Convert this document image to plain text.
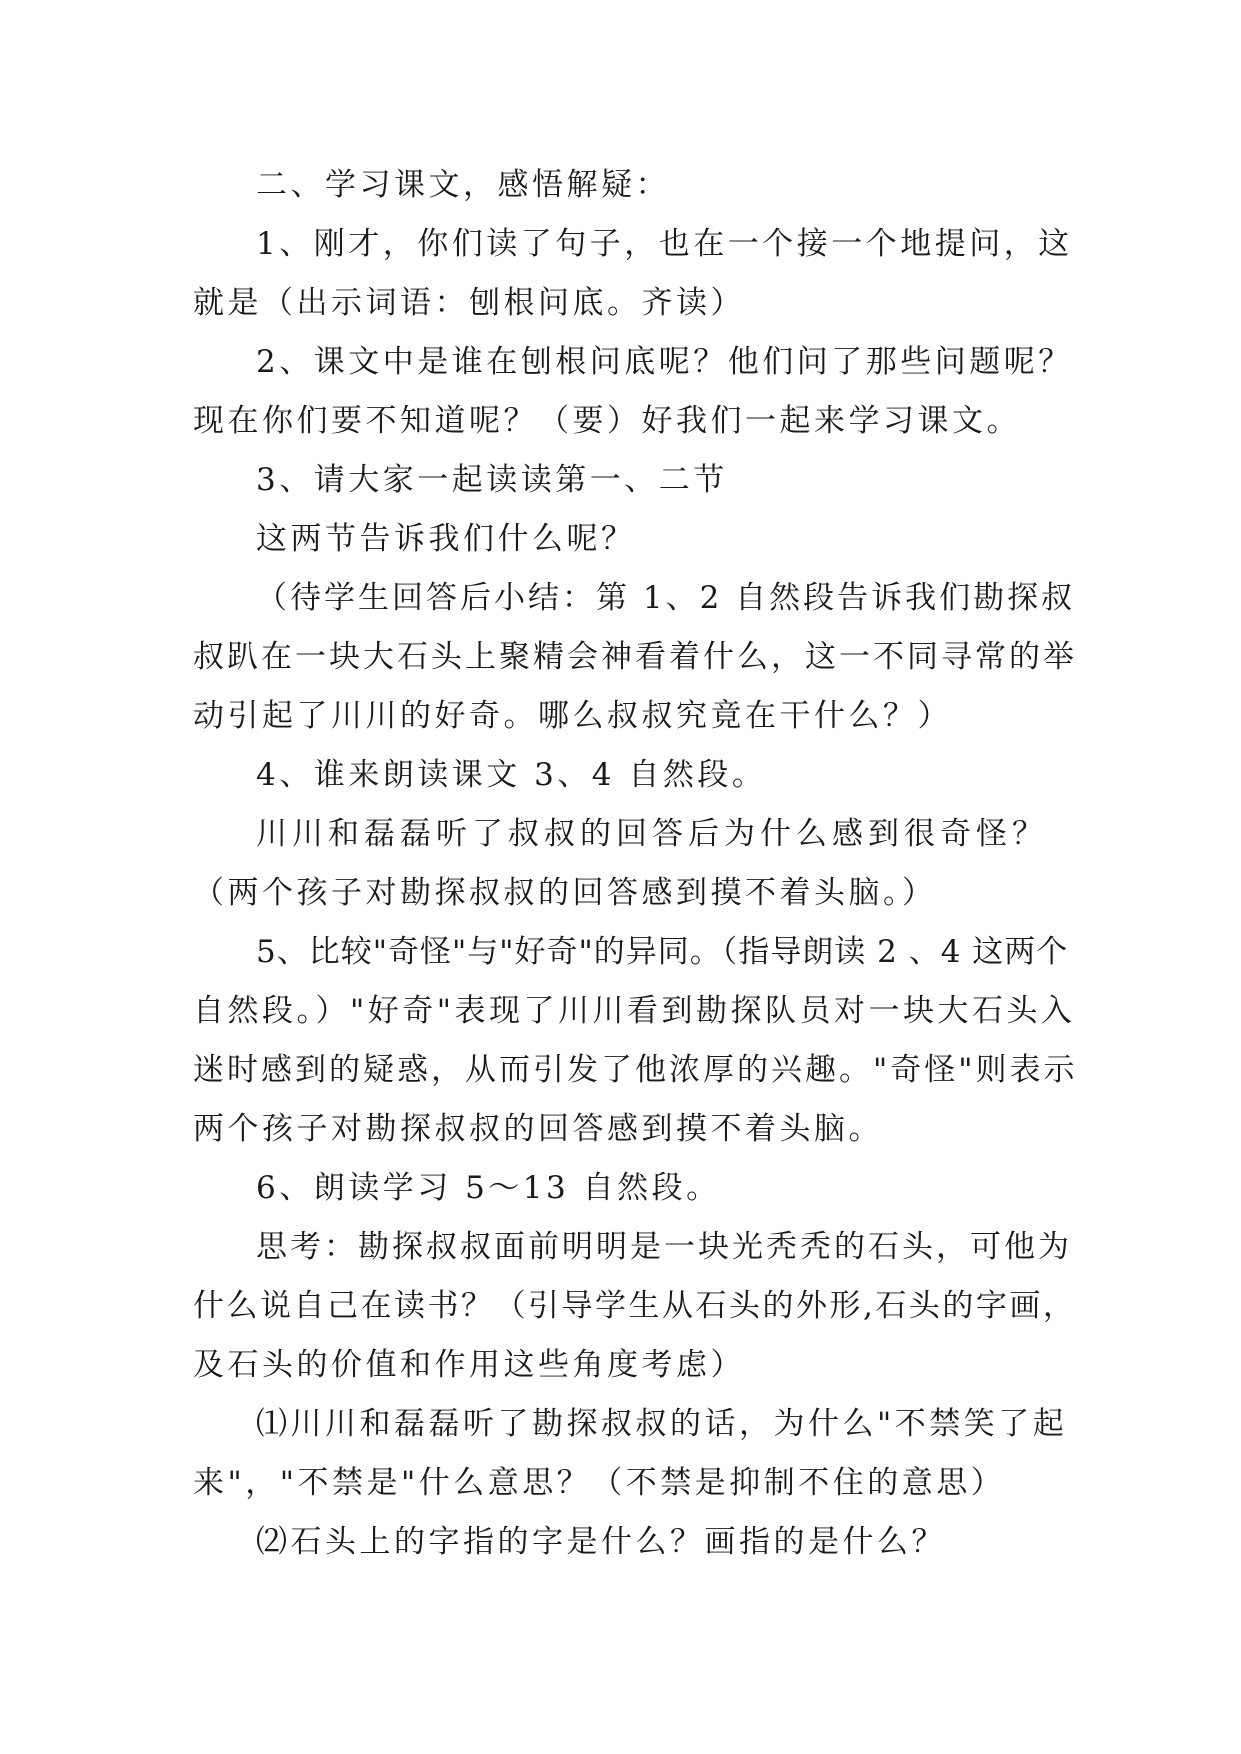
二、学习课文，感悟解疑：

1、刚才，你们读了句子，也在一个接一个地提问，这

就是（出示词语：刨根问底。齐读）

2、课文中是谁在刨根问底呢？他们问了那些问题呢？

现在你们要不知道呢？（要）好我们一起来学习课文。

3、请大家一起读读第一、二节

这两节告诉我们什么呢？

（待学生回答后小结：第 1、2 自然段告诉我们勘探叔

叔趴在一块大石头上聚精会神看着什么，这一不同寻常的举

动引起了川川的好奇。哪么叔叔究竟在干什么？）

4、谁来朗读课文 3、4 自然段。

川川和磊磊听了叔叔的回答后为什么感到很奇怪？

（两个孩子对勘探叔叔的回答感到摸不着头脑。）

5、比较"奇怪"与"好奇"的异同。（指导朗读 2 、4 这两个

自然段。）"好奇"表现了川川看到勘探队员对一块大石头入

迷时感到的疑惑，从而引发了他浓厚的兴趣。"奇怪"则表示

两个孩子对勘探叔叔的回答感到摸不着头脑。

6、朗读学习 5～13 自然段。

思考：勘探叔叔面前明明是一块光秃秃的石头，可他为

什么说自己在读书？（引导学生从石头的外形,石头的字画，

及石头的价值和作用这些角度考虑）

⑴川川和磊磊听了勘探叔叔的话，为什么"不禁笑了起

来"，"不禁是"什么意思？（不禁是抑制不住的意思）

⑵石头上的字指的字是什么？画指的是什么？
